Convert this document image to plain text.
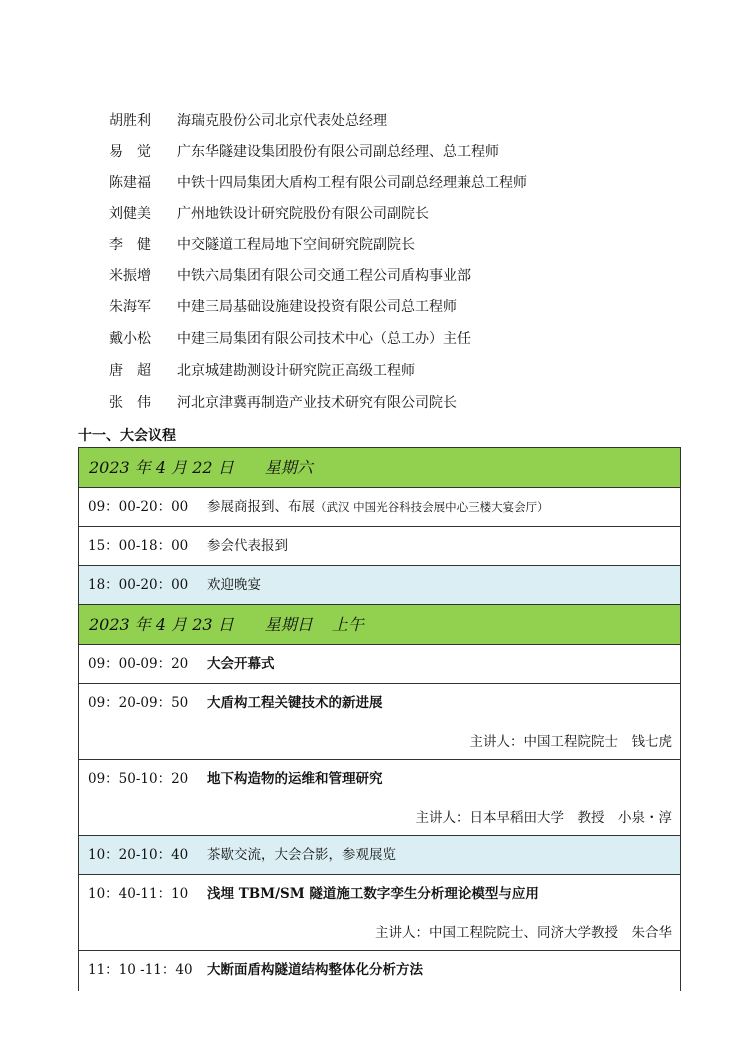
胡胜利	海瑞克股份公司北京代表处总经理
易　觉	广东华隧建设集团股份有限公司副总经理、总工程师
陈建福	中铁十四局集团大盾构工程有限公司副总经理兼总工程师
刘健美	广州地铁设计研究院股份有限公司副院长
李　健	中交隧道工程局地下空间研究院副院长
米振增	中铁六局集团有限公司交通工程公司盾构事业部
朱海军	中建三局基础设施建设投资有限公司总工程师
戴小松	中建三局集团有限公司技术中心（总工办）主任
唐　超	北京城建勘测设计研究院正高级工程师
张　伟	河北京津冀再制造产业技术研究有限公司院长
十一、大会议程
2023 年 4 月 22 日 星期六
09：00-20：00 参展商报到、布展（武汉 中国光谷科技会展中心三楼大宴会厅）
15：00-18：00 参会代表报到
18：00-20：00 欢迎晚宴
2023 年 4 月 23 日 星期日 上午
09：00-09：20 大会开幕式
09：20-09：50 大盾构工程关键技术的新进展
主讲人：中国工程院院士　钱七虎
09：50-10：20 地下构造物的运维和管理研究
主讲人：日本早稻田大学　教授　小泉・淳
10：20-10：40 茶歇交流，大会合影，参观展览
10：40-11：10 浅埋 TBM/SM 隧道施工数字孪生分析理论模型与应用
主讲人：中国工程院院士、同济大学教授　朱合华
11：10 -11：40 大断面盾构隧道结构整体化分析方法
